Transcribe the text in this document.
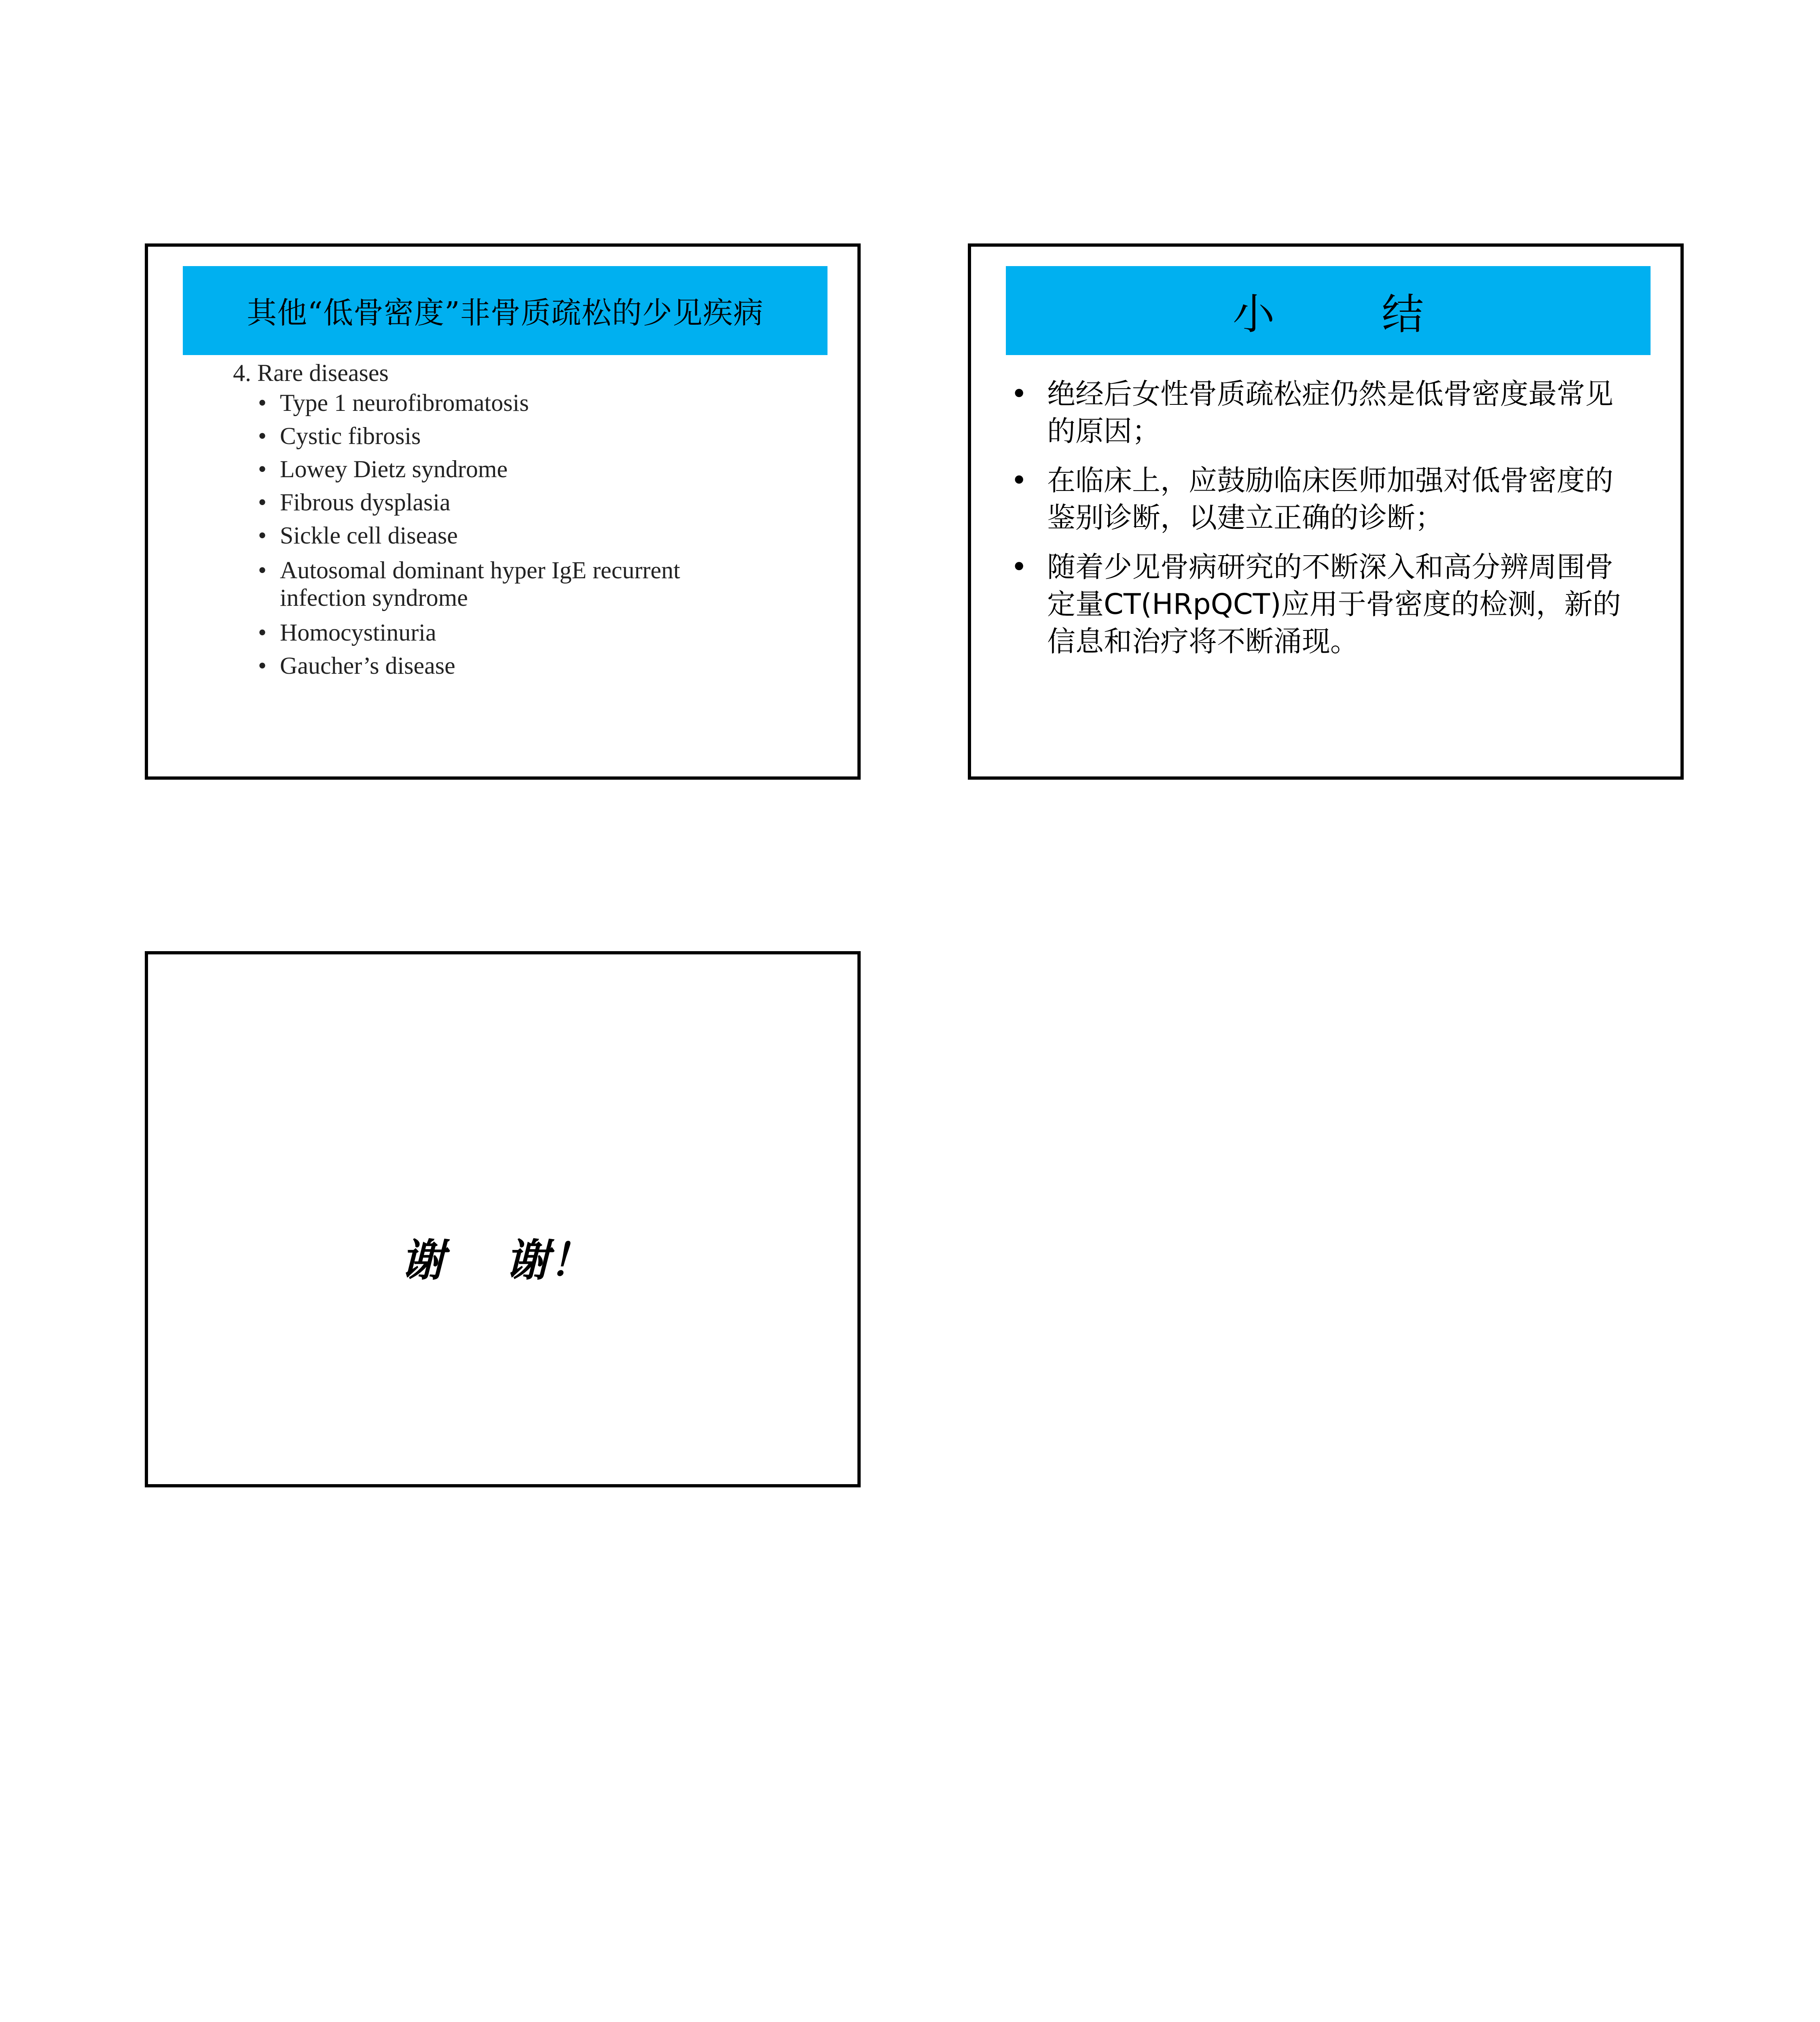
其他“低骨密度”非骨质疏松的少见疾病
4. Rare diseases
• Type 1 neurofibromatosis
• Cystic fibrosis
• Lowey Dietz syndrome
• Fibrous dysplasia
• Sickle cell disease
• Autosomal dominant hyper IgE recurrent infection syndrome
• Homocystinuria
• Gaucher’s disease
小        结
• 绝经后女性骨质疏松症仍然是低骨密度最常见的原因；
• 在临床上，应鼓励临床医师加强对低骨密度的鉴别诊断，以建立正确的诊断；
• 随着少见骨病研究的不断深入和高分辨周围骨定量CT(HRpQCT)应用于骨密度的检测，新的信息和治疗将不断涌现。
谢    谢！
